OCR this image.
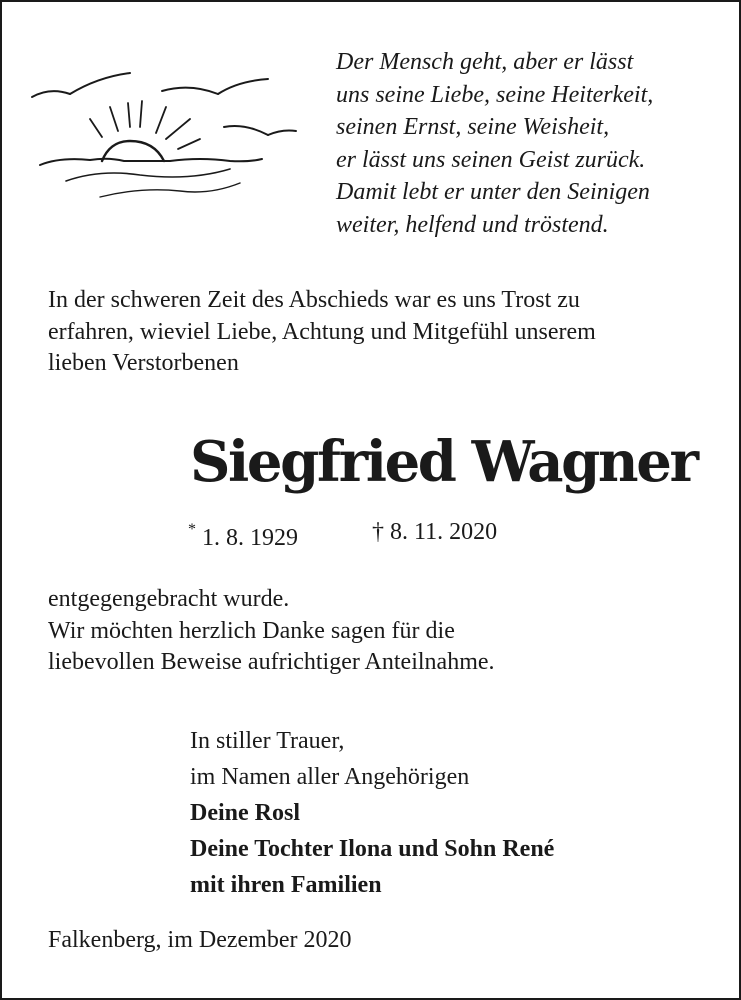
Der Mensch geht, aber er lässt
uns seine Liebe, seine Heiterkeit,
seinen Ernst, seine Weisheit,
er lässt uns seinen Geist zurück.
Damit lebt er unter den Seinigen
weiter, helfend und tröstend.

In der schweren Zeit des Abschieds war es uns Trost zu
erfahren, wieviel Liebe, Achtung und Mitgefühl unserem
lieben Verstorbenen
Siegfried Wagner
* 1. 8. 1929	† 8. 11. 2020
entgegengebracht wurde.
Wir möchten herzlich Danke sagen für die
liebevollen Beweise aufrichtiger Anteilnahme.
In stiller Trauer,
im Namen aller Angehörigen
Deine Rosl
Deine Tochter Ilona und Sohn René
mit ihren Familien
Falkenberg, im Dezember 2020
